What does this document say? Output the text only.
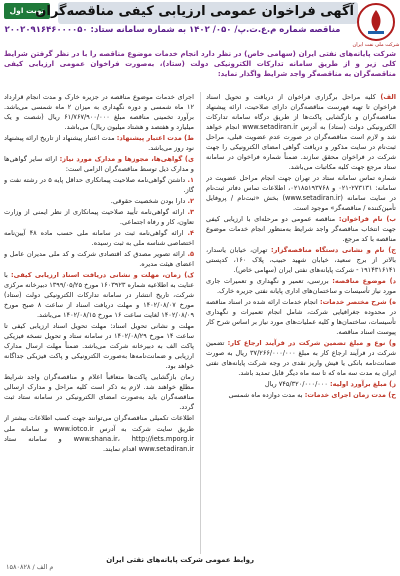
نوبت اول
آگهی فراخوان عمومی ارزیابی کیفی مناقصه‌گران
مناقصه شماره م.ع.ت.پ/ ۰۵۰/ ۱۴۰۲ به شماره سامانه ستاد: ۲۰۰۲۰۹۱۶۴۶۰۰۰۰۵۰
شرکت ملی نفت ایران
شرکت پایانه‌های نفتی ایران (سهامی خاص) در نظر دارد انجام خدمات موضوع مناقصه را با در نظر گرفتن شرایط کلی زیر و از طریق سامانه تدارکات الکترونیکی دولت (ستاد)، به‌صورت فراخوان عمومی ارزیابی کیفی مناقصه‌گران به مناقصه‌گر واجد شرایط واگذار نماید:

الف) کلیه مراحل برگزاری فراخوان از دریافت و تحویل اسناد فراخوان تا تهیه فهرست مناقصه‌گران دارای صلاحیت، ارائه پیشنهاد مناقصه‌گران و بازگشایی پاکت‌ها از طریق درگاه سامانه تدارکات الکترونیکی دولت (ستاد) به آدرس www.setadiran.ir انجام خواهد شد و لازم است مناقصه‌گران در صورت عدم عضویت قبلی، مراحل ثبت‌نام در سایت مذکور و دریافت گواهی امضای الکترونیکی را جهت شرکت در فراخوان محقق سازند. ضمناً شماره فراخوان در سامانه ستاد مرجع جهت کلیه مکاتبات می‌باشد.

شماره تماس سامانه ستاد در تهران جهت انجام مراحل عضویت در سامانه: ۲۷۳۱۳۱-۰۲۱ و ۰۲۱۸۵۱۹۳۷۶۸، اطلاعات تماس دفاتر ثبت‌نام در سایت سامانه (www.setadiran.ir) بخش «ثبت‌نام / پروفایل تأمین‌کننده / مناقصه‌گر» موجود است.

ب) نام فراخوان: مناقصه عمومی دو مرحله‌ای با ارزیابی کیفی جهت انتخاب مناقصه‌گر واجد شرایط به‌منظور انجام خدمات موضوع مناقصه با کد مرجع.

ج) نام و نشانی دستگاه مناقصه‌گزار: تهران، خیابان یاسدار، بالاتر از برج سعید، خیابان شهید حبیب، پلاک ۱۶۰، کدپستی ۱۹۱۴۳۱۶۱۴۱ - شرکت پایانه‌های نفتی ایران (سهامی خاص).

د) موضوع مناقصه: بررسی، تعمیر و نگهداری و تعمیرات جاری مورد نیاز تأسیسات و ساختمان‌های اداری پایانه نفتی جزیره خارک.

ه) شرح مختصر خدمات: انجام خدمات ارائه شده در اسناد مناقصه در محدوده جغرافیایی شرکت، شامل انجام تعمیرات و نگهداری تأسیسات، ساختمان‌ها و کلیه عملیات‌های مورد نیاز بر اساس شرح کار پیوست اسناد مناقصه.

و) نوع و مبلغ تضمین شرکت در فرآیند ارجاع کار: تضمین شرکت در فرآیند ارجاع کار به مبلغ ۳۷/۲۶۶/۰۰۰/۰۰۰ ریال به صورت ضمانت‌نامه بانکی یا فیش واریز نقدی در وجه شرکت پایانه‌های نفتی ایران به مدت سه ماه که تا سه ماه دیگر قابل تمدید باشد.

ز) مبلغ برآورد اولیه: ۷۴۵/۳۲۰/۰۰۰/۰۰۰ ریال

ح) مدت زمان اجرای خدمات: به مدت دوازده ماه شمسی

اجرای خدمات موضوع مناقصه در جزیره خارک و مدت انجام قرارداد ۱۲ ماه شمسی و دوره نگهداری به میزان ۲ ماه شمسی می‌باشد. برآورد تخمینی مناقصه مبلغ ۶۱/۷۶۷/۹۰۰/۰۰۰ ریال (شصت و یک میلیارد و هفتصد و هشتاد میلیون ریال) می‌باشد.

ط) مدت اعتبار پیشنهاد: مدت اعتبار پیشنهاد از تاریخ ارائه پیشنهاد نود روز می‌باشد.

ی) گواهی‌ها، مجوزها و مدارک مورد نیاز: ارائه سایر گواهی‌ها و مدارک ذیل توسط مناقصه‌گران الزامی است:

۱. داشتن گواهی‌نامه صلاحیت پیمانکاری حداقل پایه ۵ در رشته نفت و گاز.

۲. دارا بودن شخصیت حقوقی.

۳. ارائه گواهی‌نامه تأیید صلاحیت پیمانکاری از نظر ایمنی از وزارت تعاون، کار و رفاه اجتماعی.

۴. ارائه گواهی‌نامه ثبت در سامانه ملی حسب ماده ۴۸ آیین‌نامه اختصاصی شناسه ملی به ثبت رسیده.

۵. ارائه تصویر مصدق کد اقتصادی شرکت و کد ملی مدیران عامل و اعضای هیئت مدیره.

ک) زمان، مهلت و نشانی دریافت اسناد ارزیابی کیفی: با عنایت به اطلاعیه شماره ۱۶۰۳۹۲۳ مورخ ۱۳۹۹/۰۵/۲۵ دبیرخانه مرکزی شرکت، تاریخ انتشار در سامانه تدارکات الکترونیکی دولت (ستاد) مورخ ۱۴۰۲/۰۸/۰۷ و مهلت دریافت اسناد از ساعت ۸ صبح مورخ ۱۴۰۲/۰۸/۰۹ لغایت ساعت ۱۶ مورخ ۱۴۰۲/۰۸/۱۵ می‌باشد.

مهلت و نشانی تحویل اسناد: مهلت تحویل اسناد ارزیابی کیفی تا ساعت ۱۴ مورخ ۱۴۰۲/۰۸/۲۹ در سامانه ستاد و تحویل نسخه فیزیکی پاکت الف به دبیرخانه شرکت می‌باشد. ضمناً مهلت ارسال مدارک ارزیابی و ضمانت‌نامه‌ها به‌صورت الکترونیکی و پاکت فیزیکی جداگانه خواهد بود.

زمان بازگشایی پاکت‌ها متعاقباً اعلام و مناقصه‌گران واجد شرایط مطلع خواهند شد. لازم به ذکر است کلیه مراحل و مدارک ارسالی مناقصه‌گران باید به‌صورت امضای الکترونیکی در سامانه ستاد ثبت گردد.

اطلاعات تکمیلی مناقصه‌گران می‌توانند جهت کسب اطلاعات بیشتر از طریق سایت شرکت به آدرس www.iotco.ir و سامانه ملی www.shana.ir، http://iets.mporg.ir و سامانه ستاد www.setadiran.ir اقدام نمایند.

روابط عمومی شرکت پایانه‌های نفتی ایران
۱۵۸۰۸۲۸ / م الف
